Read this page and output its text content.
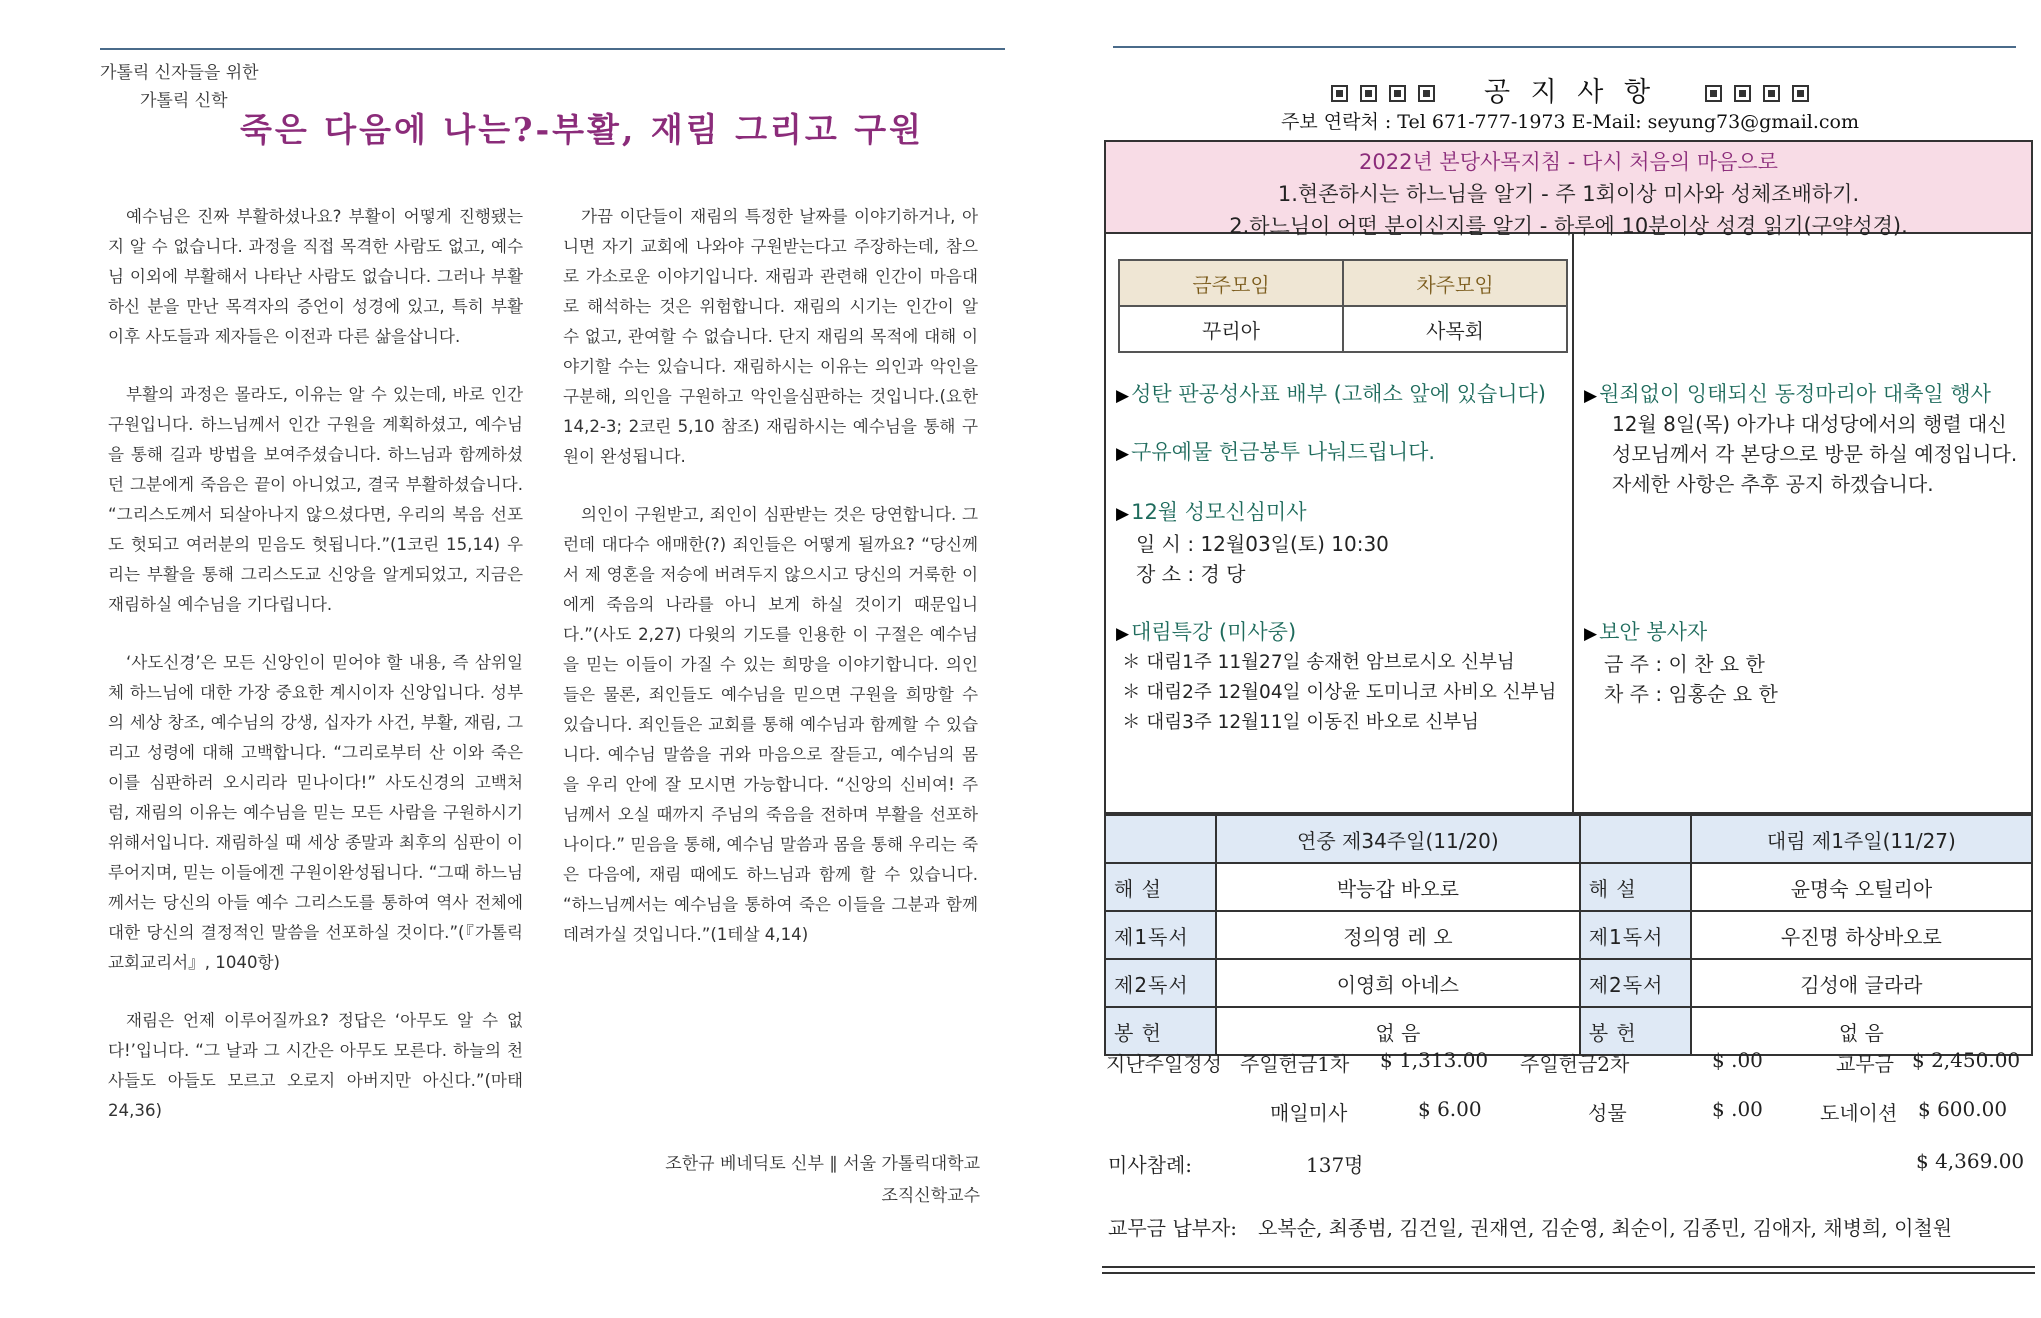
가톨릭 신자들을 위한
가톨릭 신학
죽은 다음에 나는?-부활, 재림 그리고 구원

예수님은 진짜 부활하셨나요? 부활이 어떻게 진행됐는지 알 수 없습니다. 과정을 직접 목격한 사람도 없고, 예수님 이외에 부활해서 나타난 사람도 없습니다. 그러나 부활하신 분을 만난 목격자의 증언이 성경에 있고, 특히 부활 이후 사도들과 제자들은 이전과 다른 삶을삽니다.

부활의 과정은 몰라도, 이유는 알 수 있는데, 바로 인간 구원입니다. 하느님께서 인간 구원을 계획하셨고, 예수님을 통해 길과 방법을 보여주셨습니다. 하느님과 함께하셨던 그분에게 죽음은 끝이 아니었고, 결국 부활하셨습니다. “그리스도께서 되살아나지 않으셨다면, 우리의 복음 선포도 헛되고 여러분의 믿음도 헛됩니다.”(1코린 15,14) 우리는 부활을 통해 그리스도교 신앙을 알게되었고, 지금은 재림하실 예수님을 기다립니다.

‘사도신경’은 모든 신앙인이 믿어야 할 내용, 즉 삼위일체 하느님에 대한 가장 중요한 계시이자 신앙입니다. 성부의 세상 창조, 예수님의 강생, 십자가 사건, 부활, 재림, 그리고 성령에 대해 고백합니다. “그리로부터 산 이와 죽은 이를 심판하러 오시리라 믿나이다!” 사도신경의 고백처럼, 재림의 이유는 예수님을 믿는 모든 사람을 구원하시기 위해서입니다. 재림하실 때 세상 종말과 최후의 심판이 이루어지며, 믿는 이들에겐 구원이완성됩니다. “그때 하느님께서는 당신의 아들 예수 그리스도를 통하여 역사 전체에 대한 당신의 결정적인 말씀을 선포하실 것이다.”(『가톨릭교회교리서』, 1040항)

재림은 언제 이루어질까요? 정답은 ‘아무도 알 수 없다!’입니다. “그 날과 그 시간은 아무도 모른다. 하늘의 천사들도 아들도 모르고 오로지 아버지만 아신다.”(마태24,36)

가끔 이단들이 재림의 특정한 날짜를 이야기하거나, 아니면 자기 교회에 나와야 구원받는다고 주장하는데, 참으로 가소로운 이야기입니다. 재림과 관련해 인간이 마음대로 해석하는 것은 위험합니다. 재림의 시기는 인간이 알 수 없고, 관여할 수 없습니다. 단지 재림의 목적에 대해 이야기할 수는 있습니다. 재림하시는 이유는 의인과 악인을 구분해, 의인을 구원하고 악인을심판하는 것입니다.(요한 14,2-3; 2코린 5,10 참조) 재림하시는 예수님을 통해 구원이 완성됩니다.

의인이 구원받고, 죄인이 심판받는 것은 당연합니다. 그런데 대다수 애매한(?) 죄인들은 어떻게 될까요? “당신께서 제 영혼을 저승에 버려두지 않으시고 당신의 거룩한 이에게 죽음의 나라를 아니 보게 하실 것이기 때문입니다.”(사도 2,27) 다윗의 기도를 인용한 이 구절은 예수님을 믿는 이들이 가질 수 있는 희망을 이야기합니다. 의인들은 물론, 죄인들도 예수님을 믿으면 구원을 희망할 수 있습니다. 죄인들은 교회를 통해 예수님과 함께할 수 있습니다. 예수님 말씀을 귀와 마음으로 잘듣고, 예수님의 몸을 우리 안에 잘 모시면 가능합니다. “신앙의 신비여! 주님께서 오실 때까지 주님의 죽음을 전하며 부활을 선포하나이다.” 믿음을 통해, 예수님 말씀과 몸을 통해 우리는 죽은 다음에, 재림 때에도 하느님과 함께 할 수 있습니다. “하느님께서는 예수님을 통하여 죽은 이들을 그분과 함께 데려가실 것입니다.”(1테살 4,14)

조한규 베네딕토 신부 ∥ 서울 가톨릭대학교
조직신학교수
공 지 사 항
주보 연락처 : Tel 671-777-1973 E-Mail: seyung73@gmail.com
2022년 본당사목지침 - 다시 처음의 마음으로
1.현존하시는 하느님을 알기 - 주 1회이상 미사와 성체조배하기.
2.하느님이 어떤 분이신지를 알기 - 하루에 10분이상 성경 읽기(구약성경).
금주모임	차주모임
꾸리아	사목회
▶성탄 판공성사표 배부 (고해소 앞에 있습니다)
▶구유예물 헌금봉투 나눠드립니다.
▶12월 성모신심미사
일 시 : 12월03일(토) 10:30
장 소 : 경 당
▶대림특강 (미사중)
＊ 대림1주 11월27일 송재헌 암브로시오 신부님
＊ 대림2주 12월04일 이상윤 도미니코 사비오 신부님
＊ 대림3주 12월11일 이동진 바오로 신부님
▶원죄없이 잉태되신 동정마리아 대축일 행사
12월 8일(목) 아가냐 대성당에서의 행렬 대신
성모님께서 각 본당으로 방문 하실 예정입니다.
자세한 사항은 추후 공지 하겠습니다.
▶보안 봉사자
금 주 : 이 찬 요 한
차 주 : 임홍순 요 한
	연중 제34주일(11/20)		대림 제1주일(11/27)
해 설	박능갑 바오로	해 설	윤명숙 오틸리아
제1독서	정의영 레 오	제1독서	우진명 하상바오로
제2독서	이영희 아네스	제2독서	김성애 글라라
봉 헌	없 음	봉 헌	없 음
지난주일정성 주일헌금1차 $ 1,313.00 주일헌금2차	$ .00	교무금 $ 2,450.00
매일미사	$ 6.00	성물	$ .00	도네이션 $ 600.00
미사참례:	137명	$ 4,369.00
교무금 납부자: 오복순, 최종범, 김건일, 권재연, 김순영, 최순이, 김종민, 김애자, 채병희, 이철원
